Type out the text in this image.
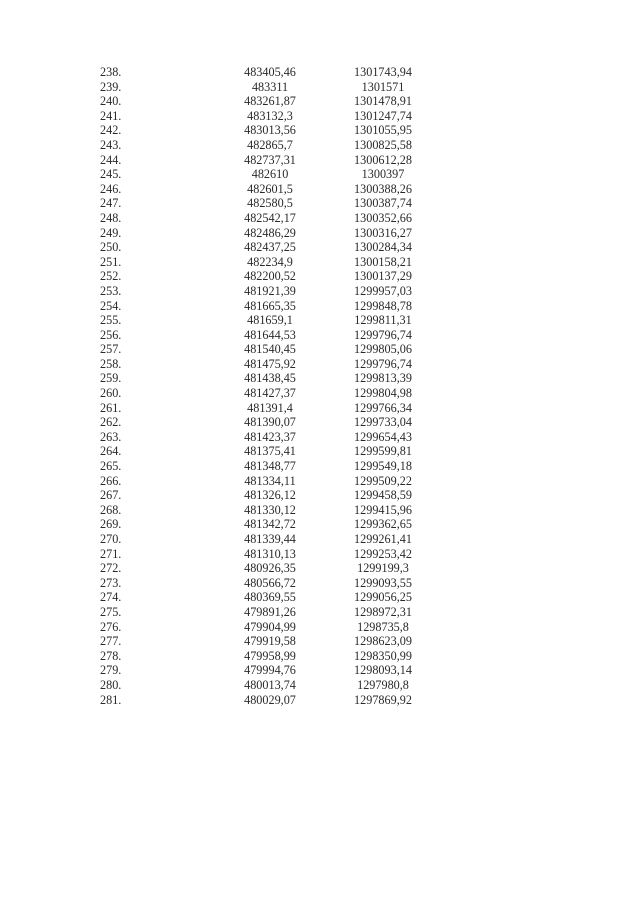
238.	483405,46	1301743,94
239.	483311	1301571
240.	483261,87	1301478,91
241.	483132,3	1301247,74
242.	483013,56	1301055,95
243.	482865,7	1300825,58
244.	482737,31	1300612,28
245.	482610	1300397
246.	482601,5	1300388,26
247.	482580,5	1300387,74
248.	482542,17	1300352,66
249.	482486,29	1300316,27
250.	482437,25	1300284,34
251.	482234,9	1300158,21
252.	482200,52	1300137,29
253.	481921,39	1299957,03
254.	481665,35	1299848,78
255.	481659,1	1299811,31
256.	481644,53	1299796,74
257.	481540,45	1299805,06
258.	481475,92	1299796,74
259.	481438,45	1299813,39
260.	481427,37	1299804,98
261.	481391,4	1299766,34
262.	481390,07	1299733,04
263.	481423,37	1299654,43
264.	481375,41	1299599,81
265.	481348,77	1299549,18
266.	481334,11	1299509,22
267.	481326,12	1299458,59
268.	481330,12	1299415,96
269.	481342,72	1299362,65
270.	481339,44	1299261,41
271.	481310,13	1299253,42
272.	480926,35	1299199,3
273.	480566,72	1299093,55
274.	480369,55	1299056,25
275.	479891,26	1298972,31
276.	479904,99	1298735,8
277.	479919,58	1298623,09
278.	479958,99	1298350,99
279.	479994,76	1298093,14
280.	480013,74	1297980,8
281.	480029,07	1297869,92
